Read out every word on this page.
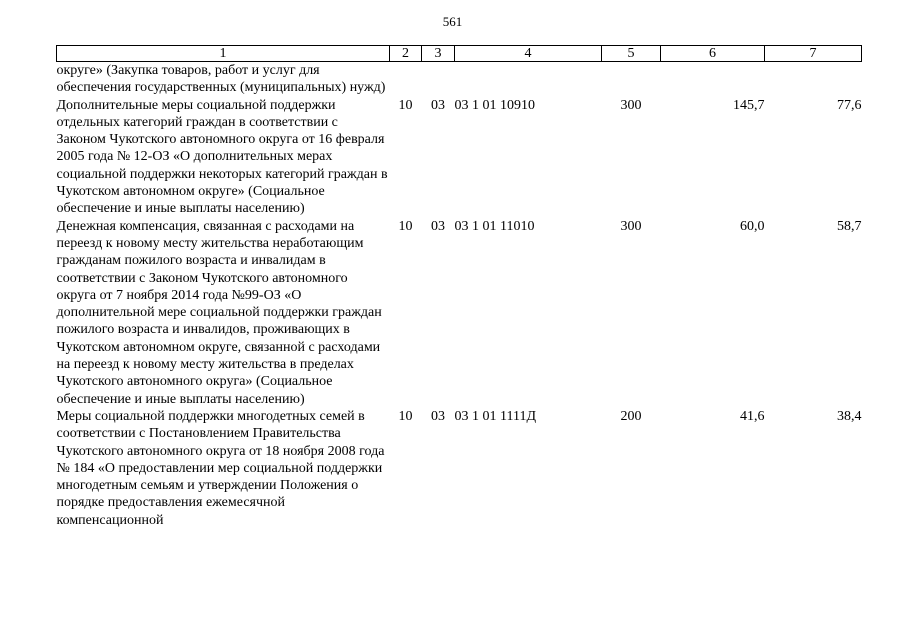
561
1	2	3	4	5	6	7
округе» (Закупка товаров, работ и услуг для обеспечения государственных (муниципальных) нужд)						
Дополнительные меры социальной поддержки отдельных категорий граждан в соответствии с Законом Чукотского автономного округа от 16 февраля 2005 года № 12-ОЗ «О дополнительных мерах социальной поддержки некоторых категорий граждан в Чукотском автономном округе» (Социальное обеспечение и иные выплаты населению)	10	03	03 1 01 10910	300	145,7	77,6
Денежная компенсация, связанная с расходами на переезд к новому месту жительства неработающим гражданам пожилого возраста и инвалидам в соответствии с Законом Чукотского автономного округа от 7 ноября 2014 года №99-ОЗ «О дополнительной мере социальной поддержки граждан пожилого возраста и инвалидов, проживающих в Чукотском автономном округе, связанной с расходами на переезд к новому месту жительства в пределах Чукотского автономного округа» (Социальное обеспечение и иные выплаты населению)	10	03	03 1 01 11010	300	60,0	58,7
Меры социальной поддержки многодетных семей в соответствии с Постановлением Правительства Чукотского автономного округа от 18 ноября 2008 года № 184 «О предоставлении мер социальной поддержки многодетным семьям и утверждении Положения о порядке предоставления ежемесячной компенсационной	10	03	03 1 01 1111Д	200	41,6	38,4
